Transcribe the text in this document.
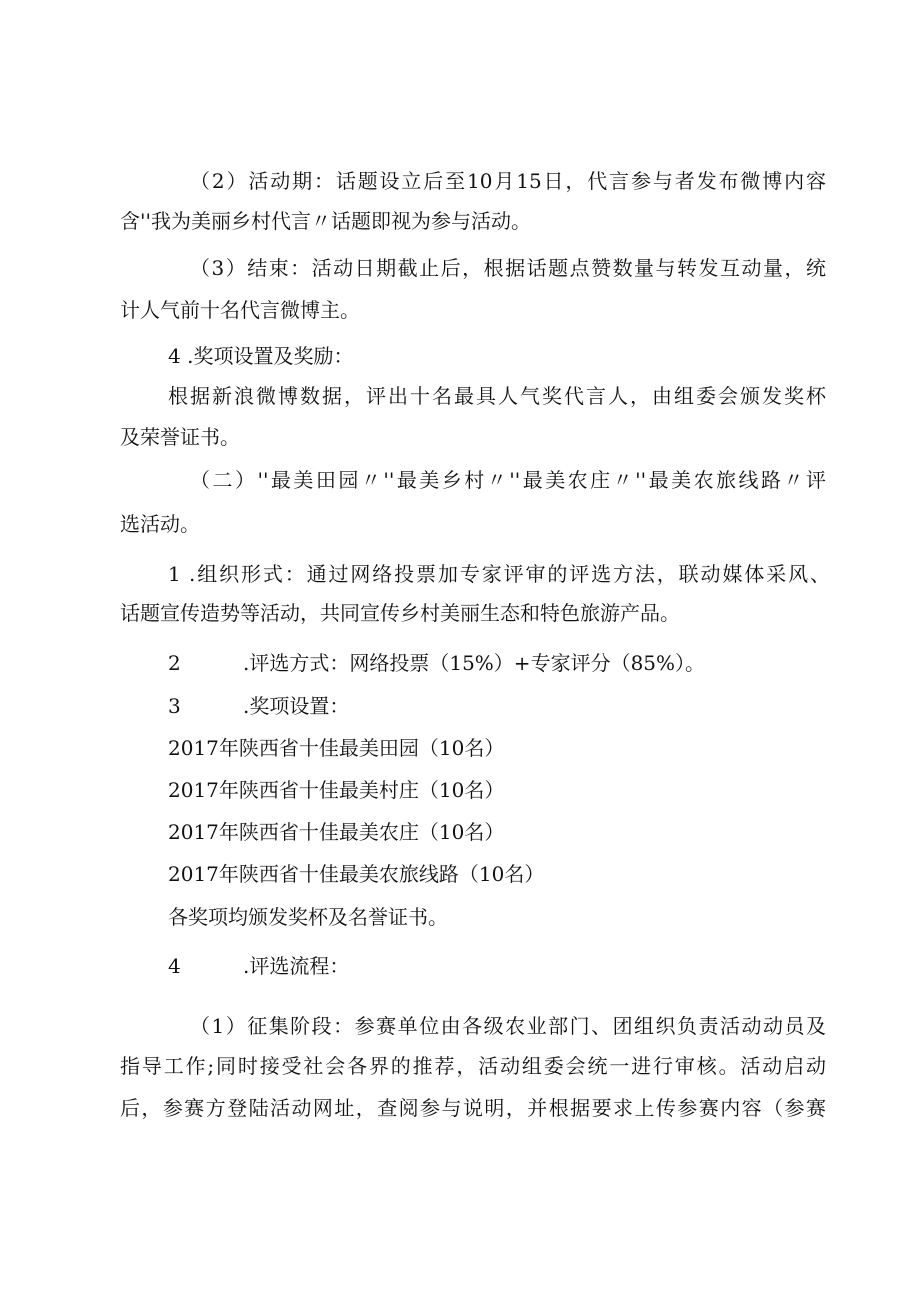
（2）活动期：话题设立后至10月15日，代言参与者发布微博内容
含''我为美丽乡村代言〃话题即视为参与活动。
（3）结束：活动日期截止后，根据话题点赞数量与转发互动量，统
计人气前十名代言微博主。
4 .奖项设置及奖励：
根据新浪微博数据，评出十名最具人气奖代言人，由组委会颁发奖杯
及荣誉证书。
（二）''最美田园〃''最美乡村〃''最美农庄〃''最美农旅线路〃评
选活动。
1 .组织形式：通过网络投票加专家评审的评选方法，联动媒体采风、
话题宣传造势等活动，共同宣传乡村美丽生态和特色旅游产品。
2	.评选方式：网络投票（15%）+专家评分（85%）。
3	.奖项设置：
2017年陕西省十佳最美田园（10名）
2017年陕西省十佳最美村庄（10名）
2017年陕西省十佳最美农庄（10名）
2017年陕西省十佳最美农旅线路（10名）
各奖项均颁发奖杯及名誉证书。
4	.评选流程：
（1）征集阶段：参赛单位由各级农业部门、团组织负责活动动员及
指导工作;同时接受社会各界的推荐，活动组委会统一进行审核。活动启动
后，参赛方登陆活动网址，查阅参与说明，并根据要求上传参赛内容（参赛
